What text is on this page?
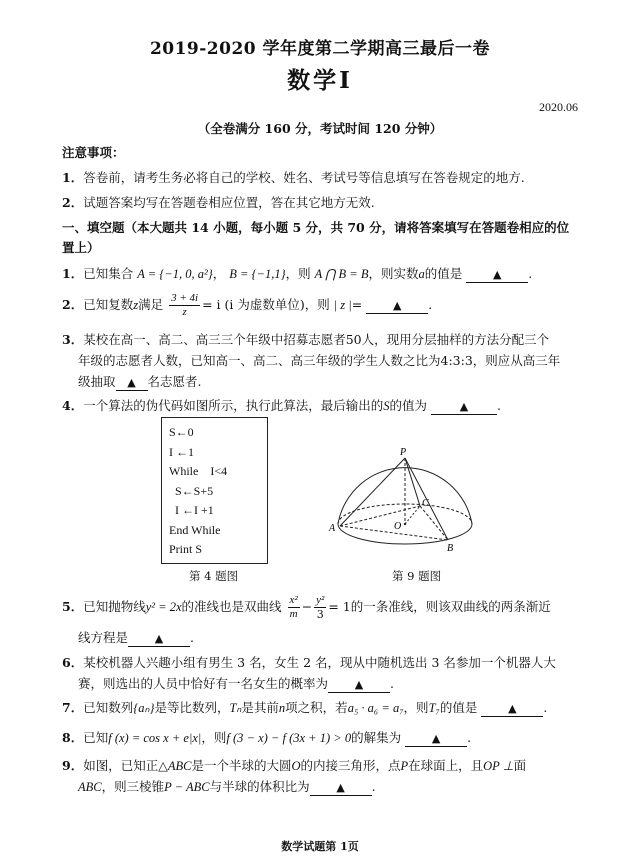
2019-2020 学年度第二学期高三最后一卷
数学Ⅰ
2020.06
（全卷满分 160 分，考试时间 120 分钟）
注意事项：
1．答卷前，请考生务必将自己的学校、姓名、考试号等信息填写在答卷规定的地方.
2．试题答案均写在答题卷相应位置，答在其它地方无效.
一、填空题（本大题共 14 小题，每小题 5 分，共 70 分，请将答案填写在答题卷相应的位
置上）
1．已知集合 A = {−1, 0, a²}， B = {−1,1}，则 A ⋂ B = B，则实数a的值是	▲ .
2．已知复数z满足 $\frac{3 + 4i}{z} = i$ (i 为虚数单位)，则 | z |=	▲ .
3．某校在高一、高二、高三三个年级中招募志愿者50人，现用分层抽样的方法分配三个
年级的志愿者人数，已知高一、高二、高三年级的学生人数之比为4:3:3，则应从高三年
级抽取 ▲ 名志愿者.
4．一个算法的伪代码如图所示，执行此算法，最后输出的S的值为	▲ .
S←0
I ←1
While    I<4
S←S+5
I ←I +1
End While
Print S
第 4 题图
P
A
B
C
O
第 9 题图
5．已知抛物线y² = 2x的准线也是双曲线 $\frac{\text{x²}}{m} - \frac{\text{y²}}{3} = 1$的一条准线，则该双曲线的两条渐近
线方程是 ▲ .
6．某校机器人兴趣小组有男生 3 名，女生 2 名，现从中随机选出 3 名参加一个机器人大
赛，则选出的人员中恰好有一名女生的概率为 ▲ .
7．已知数列{aₙ}是等比数列，Tₙ是其前n项之积，若a₅ · a₆ = a₇，则T₇的值是	▲ .
8．已知f (x) = cos x + e|x|，则f (3 − x) − f (3x + 1) > 0的解集为	▲ .
9．如图，已知正△ABC是一个半球的大圆O的内接三角形，点P在球面上，且OP ⊥面
ABC，则三棱锥P − ABC与半球的体积比为 ▲ .
数学试题第 1页
